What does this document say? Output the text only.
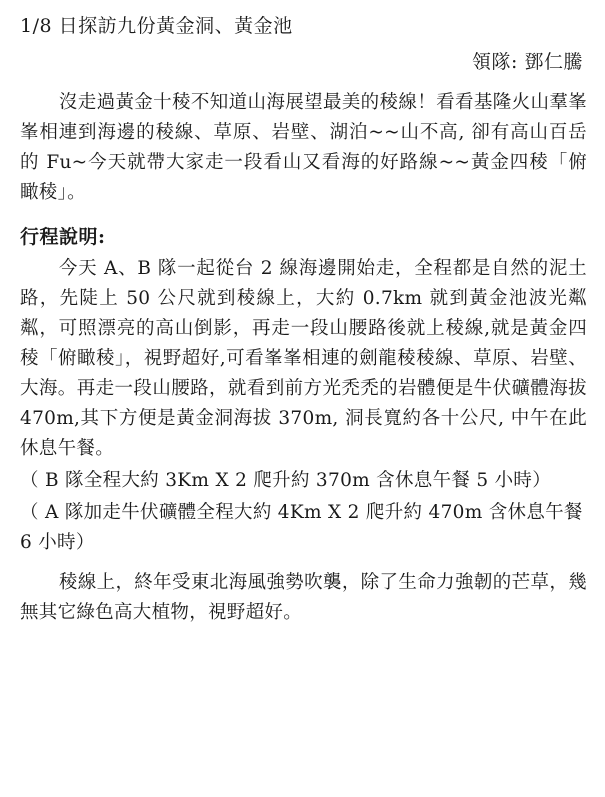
1/8 日探訪九份黃金洞、黃金池
領隊: 鄧仁騰
沒走過黃金十稜不知道山海展望最美的稜線！看看基隆火山羣峯峯相連到海邊的稜線、草原、岩壁、湖泊~~山不高, 卻有高山百岳的 Fu~今天就帶大家走一段看山又看海的好路線~~黃金四稜「俯瞰稜」。
行程說明:
今天 A、B 隊一起從台 2 線海邊開始走，全程都是自然的泥土路，先陡上 50 公尺就到稜線上，大約 0.7km 就到黃金池波光粼粼，可照漂亮的高山倒影，再走一段山腰路後就上稜線,就是黃金四稜「俯瞰稜」，視野超好,可看峯峯相連的劍龍稜稜線、草原、岩壁、大海。再走一段山腰路，就看到前方光禿禿的岩體便是牛伏礦體海拔 470m,其下方便是黃金洞海拔 370m, 洞長寬約各十公尺, 中午在此休息午餐。
（ B 隊全程大約 3Km X 2 爬升約 370m 含休息午餐 5 小時）
（ A 隊加走牛伏礦體全程大約 4Km X 2 爬升約 470m 含休息午餐 6 小時）
稜線上，終年受東北海風強勢吹襲，除了生命力強韌的芒草，幾無其它綠色高大植物，視野超好。
